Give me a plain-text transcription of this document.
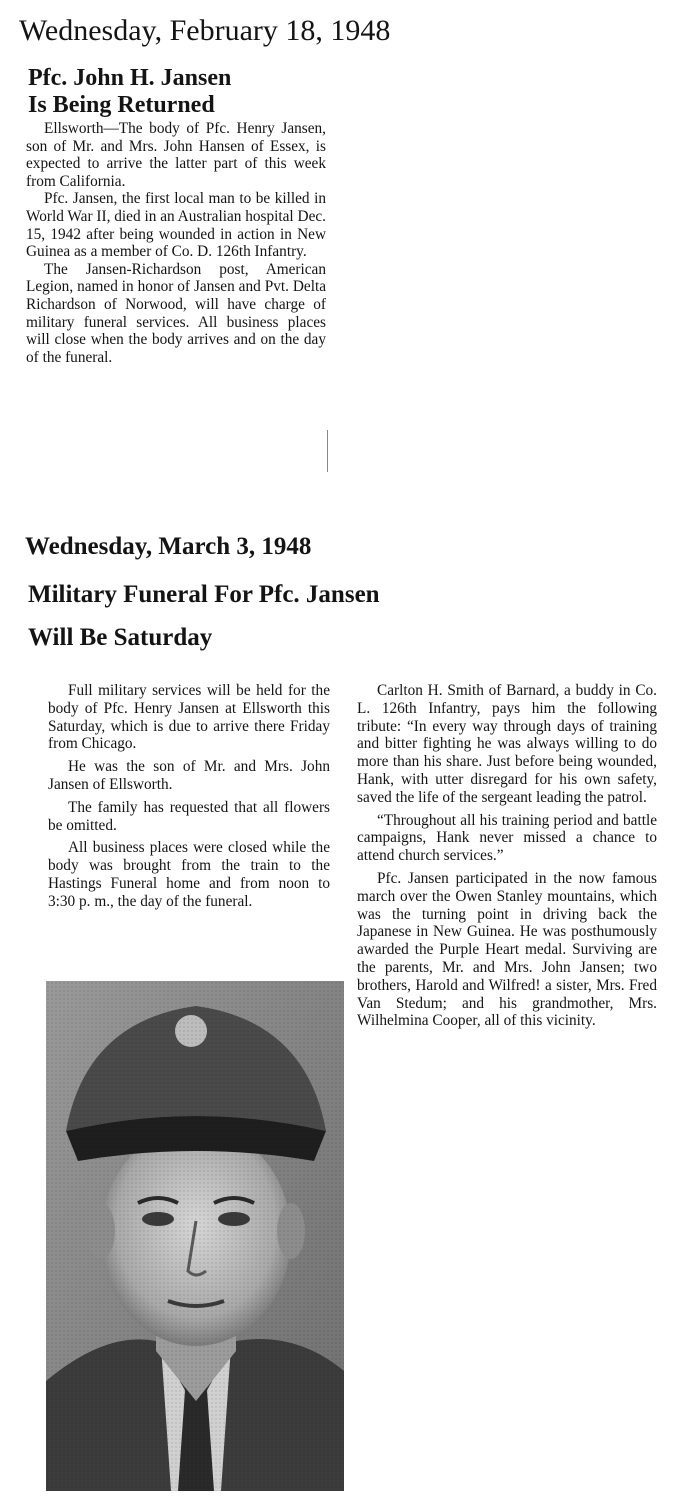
Wednesday, February 18, 1948
Pfc. John H. Jansen
Is Being Returned

Ellsworth—The body of Pfc. Henry Jansen, son of Mr. and Mrs. John Hansen of Essex, is expected to arrive the latter part of this week from California.

Pfc. Jansen, the first local man to be killed in World War II, died in an Australian hospital Dec. 15, 1942 after being wounded in action in New Guinea as a member of Co. D. 126th Infantry.

The Jansen-Richardson post, American Legion, named in honor of Jansen and Pvt. Delta Richardson of Norwood, will have charge of military funeral services. All business places will close when the body arrives and on the day of the funeral.

Wednesday, March 3, 1948
Military Funeral For Pfc. Jansen
Will Be Saturday

Full military services will be held for the body of Pfc. Henry Jansen at Ellsworth this Saturday, which is due to arrive there Friday from Chicago.

He was the son of Mr. and Mrs. John Jansen of Ellsworth.

The family has requested that all flowers be omitted.

All business places were closed while the body was brought from the train to the Hastings Funeral home and from noon to 3:30 p. m., the day of the funeral.

Carlton H. Smith of Barnard, a buddy in Co. L. 126th Infantry, pays him the following tribute: “In every way through days of training and bitter fighting he was always willing to do more than his share. Just before being wounded, Hank, with utter disregard for his own safety, saved the life of the sergeant leading the patrol.

“Throughout all his training period and battle campaigns, Hank never missed a chance to attend church services.”

Pfc. Jansen participated in the now famous march over the Owen Stanley mountains, which was the turning point in driving back the Japanese in New Guinea. He was posthumously awarded the Purple Heart medal. Surviving are the parents, Mr. and Mrs. John Jansen; two brothers, Harold and Wilfred! a sister, Mrs. Fred Van Stedum; and his grandmother, Mrs. Wilhelmina Cooper, all of this vicinity.
